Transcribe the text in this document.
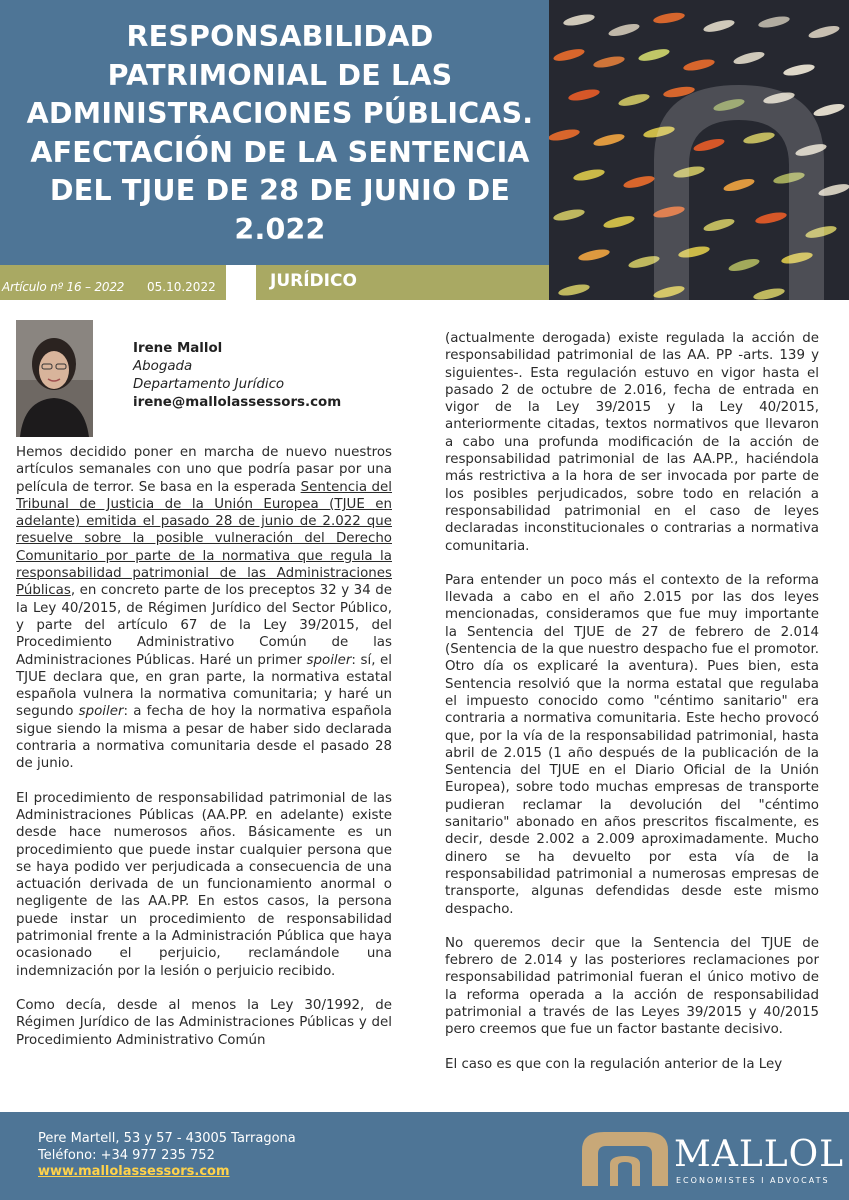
RESPONSABILIDAD
PATRIMONIAL DE LAS
ADMINISTRACIONES PÚBLICAS.
AFECTACIÓN DE LA SENTENCIA
DEL TJUE DE 28 DE JUNIO DE
2.022
Artículo nº 16 – 2022 05.10.2022	JURÍDICO
Irene Mallol
Abogada
Departamento Jurídico
irene@mallolassessors.com

Hemos decidido poner en marcha de nuevo nuestros artículos semanales con uno que podría pasar por una película de terror. Se basa en la esperada Sentencia del Tribunal de Justicia de la Unión Europea (TJUE en adelante) emitida el pasado 28 de junio de 2.022 que resuelve sobre la posible vulneración del Derecho Comunitario por parte de la normativa que regula la responsabilidad patrimonial de las Administraciones Públicas, en concreto parte de los preceptos 32 y 34 de la Ley 40/2015, de Régimen Jurídico del Sector Público, y parte del artículo 67 de la Ley 39/2015, del Procedimiento Administrativo Común de las Administraciones Públicas. Haré un primer spoiler: sí, el TJUE declara que, en gran parte, la normativa estatal española vulnera la normativa comunitaria; y haré un segundo spoiler: a fecha de hoy la normativa española sigue siendo la misma a pesar de haber sido declarada contraria a normativa comunitaria desde el pasado 28 de junio.

El procedimiento de responsabilidad patrimonial de las Administraciones Públicas (AA.PP. en adelante) existe desde hace numerosos años. Básicamente es un procedimiento que puede instar cualquier persona que se haya podido ver perjudicada a consecuencia de una actuación derivada de un funcionamiento anormal o negligente de las AA.PP. En estos casos, la persona puede instar un procedimiento de responsabilidad patrimonial frente a la Administración Pública que haya ocasionado el perjuicio, reclamándole una indemnización por la lesión o perjuicio recibido.

Como decía, desde al menos la Ley 30/1992, de Régimen Jurídico de las Administraciones Públicas y del Procedimiento Administrativo Común

(actualmente derogada) existe regulada la acción de responsabilidad patrimonial de las AA. PP -arts. 139 y siguientes-. Esta regulación estuvo en vigor hasta el pasado 2 de octubre de 2.016, fecha de entrada en vigor de la Ley 39/2015 y la Ley 40/2015, anteriormente citadas, textos normativos que llevaron a cabo una profunda modificación de la acción de responsabilidad patrimonial de las AA.PP., haciéndola más restrictiva a la hora de ser invocada por parte de los posibles perjudicados, sobre todo en relación a responsabilidad patrimonial en el caso de leyes declaradas inconstitucionales o contrarias a normativa comunitaria.

Para entender un poco más el contexto de la reforma llevada a cabo en el año 2.015 por las dos leyes mencionadas, consideramos que fue muy importante la Sentencia del TJUE de 27 de febrero de 2.014 (Sentencia de la que nuestro despacho fue el promotor. Otro día os explicaré la aventura). Pues bien, esta Sentencia resolvió que la norma estatal que regulaba el impuesto conocido como "céntimo sanitario" era contraria a normativa comunitaria. Este hecho provocó que, por la vía de la responsabilidad patrimonial, hasta abril de 2.015 (1 año después de la publicación de la Sentencia del TJUE en el Diario Oficial de la Unión Europea), sobre todo muchas empresas de transporte pudieran reclamar la devolución del "céntimo sanitario" abonado en años prescritos fiscalmente, es decir, desde 2.002 a 2.009 aproximadamente. Mucho dinero se ha devuelto por esta vía de la responsabilidad patrimonial a numerosas empresas de transporte, algunas defendidas desde este mismo despacho.

No queremos decir que la Sentencia del TJUE de febrero de 2.014 y las posteriores reclamaciones por responsabilidad patrimonial fueran el único motivo de la reforma operada a la acción de responsabilidad patrimonial a través de las Leyes 39/2015 y 40/2015 pero creemos que fue un factor bastante decisivo.

El caso es que con la regulación anterior de la Ley

Pere Martell, 53 y 57 - 43005 Tarragona
Teléfono: +34 977 235 752
www.mallolassessors.com	MALLOL
ECONOMISTES I ADVOCATS
